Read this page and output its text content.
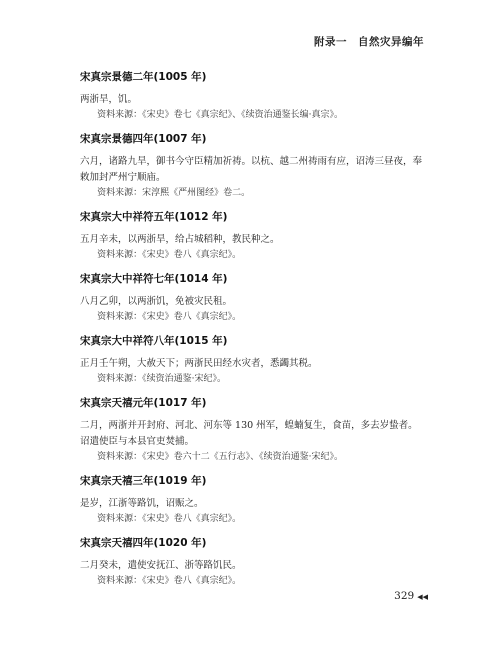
附录一　自然灾异编年
宋真宗景德二年(1005 年)
两浙旱，饥。
资料来源：《宋史》卷七《真宗纪》、《续资治通鉴长编·真宗》。
宋真宗景德四年(1007 年)
六月，诸路九旱，御书今守臣精加祈祷。以杭、越二州祷雨有应，诏涛三昼夜，奉敕加封严州宁顺庙。
资料来源：宋淳熙《严州图经》卷二。
宋真宗大中祥符五年(1012 年)
五月辛未，以两浙旱，给占城稻种，教民种之。
资料来源：《宋史》卷八《真宗纪》。
宋真宗大中祥符七年(1014 年)
八月乙卯，以两浙饥，免被灾民租。
资料来源：《宋史》卷八《真宗纪》。
宋真宗大中祥符八年(1015 年)
正月壬午朔，大赦天下；两浙民田经水灾者，悉蠲其税。
资料来源：《续资治通鉴·宋纪》。
宋真宗天禧元年(1017 年)
二月，两浙并开封府、河北、河东等 130 州军，蝗蝻复生，食苗，多去岁蛰者。诏遣使臣与本县官吏焚捕。
资料来源：《宋史》卷六十二《五行志》、《续资治通鉴·宋纪》。
宋真宗天禧三年(1019 年)
是岁，江浙等路饥，诏赈之。
资料来源：《宋史》卷八《真宗纪》。
宋真宗天禧四年(1020 年)
二月癸未，遣使安抚江、浙等路饥民。
资料来源：《宋史》卷八《真宗纪》。
329 ◀◀
